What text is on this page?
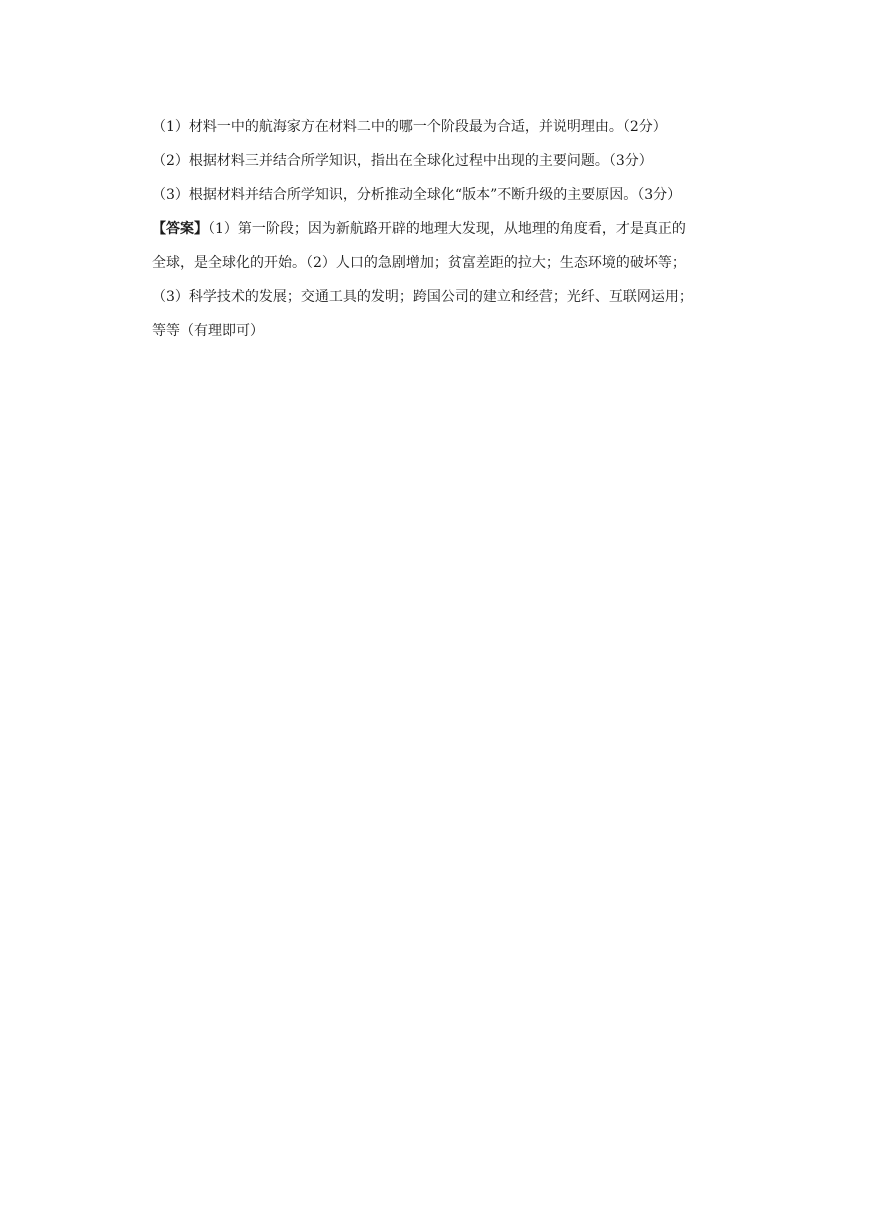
（1）材料一中的航海家方在材料二中的哪一个阶段最为合适，并说明理由。（2分）
（2）根据材料三并结合所学知识，指出在全球化过程中出现的主要问题。（3分）
（3）根据材料并结合所学知识，分析推动全球化“版本”不断升级的主要原因。（3分）
【答案】（1）第一阶段；因为新航路开辟的地理大发现，从地理的角度看，才是真正的
全球，是全球化的开始。（2）人口的急剧增加；贫富差距的拉大；生态环境的破坏等；
（3）科学技术的发展；交通工具的发明；跨国公司的建立和经营；光纤、互联网运用；
等等（有理即可）
